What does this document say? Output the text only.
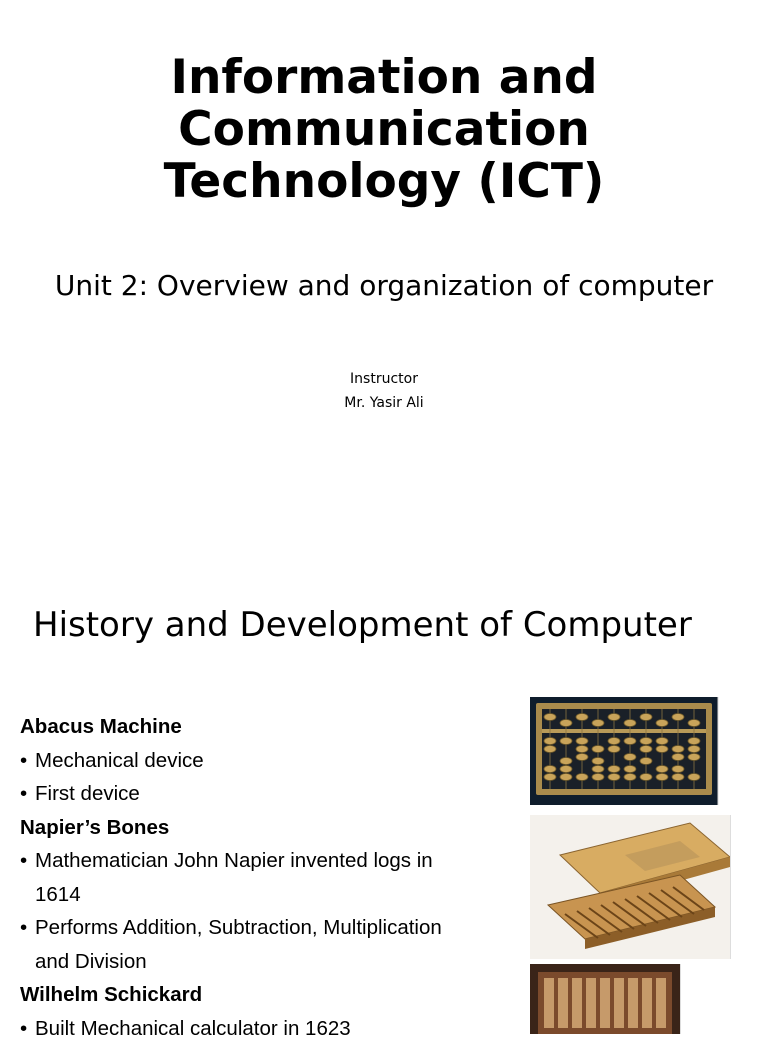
Information and Communication Technology (ICT)
Unit 2: Overview and organization of computer
Instructor
Mr. Yasir Ali
History and Development of Computer
Abacus Machine
• Mechanical device
• First device
Napier’s Bones
• Mathematician John Napier invented logs in 1614
• Performs Addition, Subtraction, Multiplication and Division
Wilhelm Schickard
• Built Mechanical calculator in 1623
